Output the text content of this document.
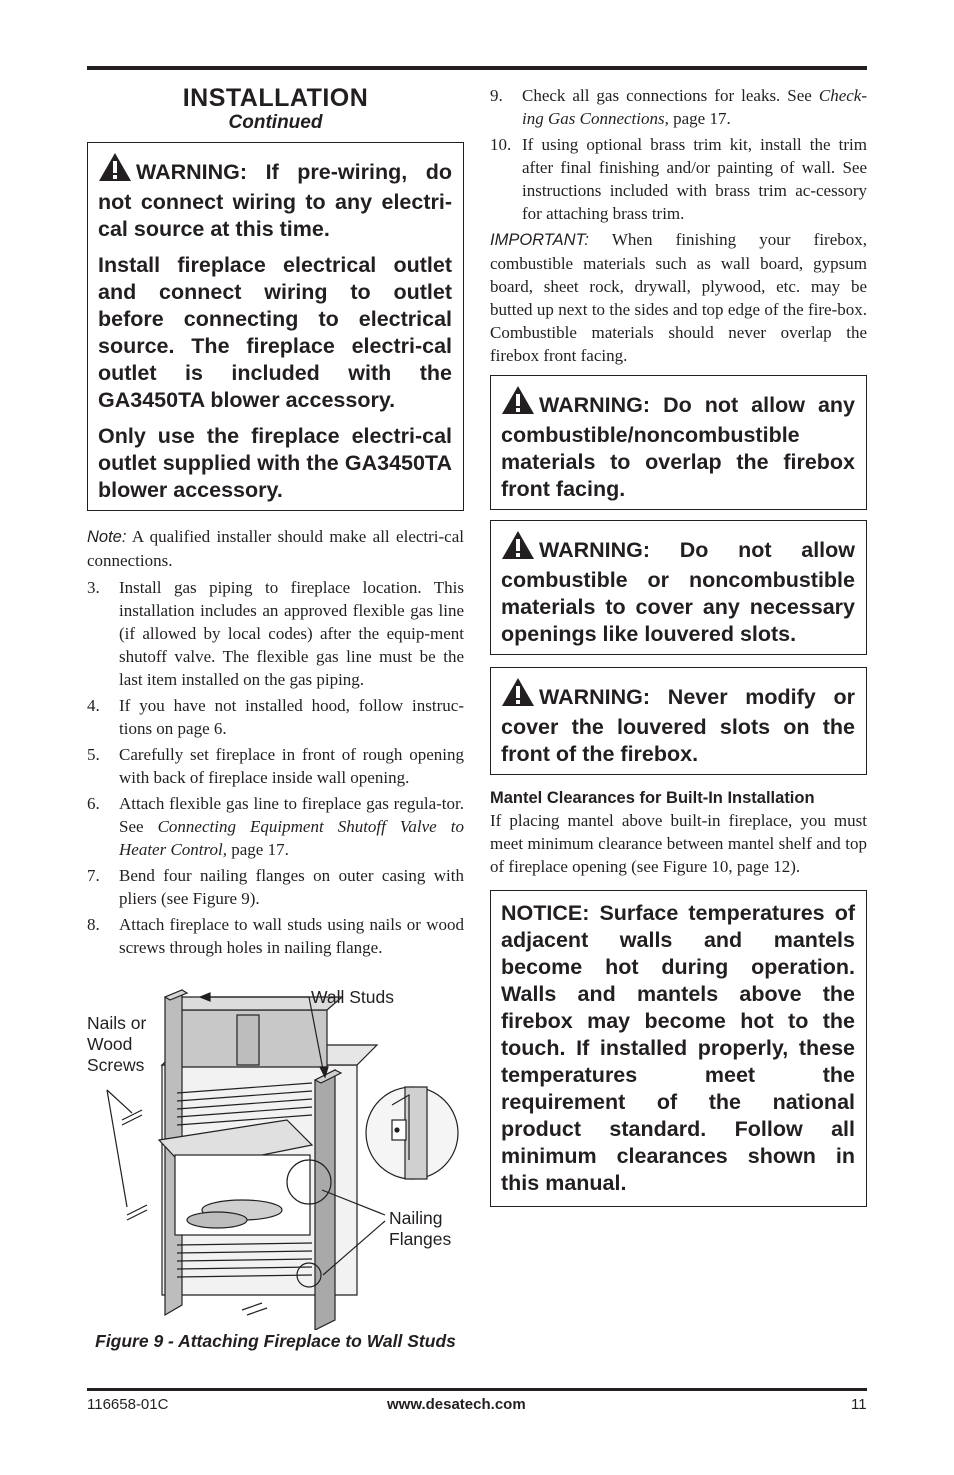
INSTALLATION
Continued

WARNING: If pre-wiring, do not connect wiring to any electri-cal source at this time.

Install fireplace electrical outlet and connect wiring to outlet before connecting to electrical source. The fireplace electri-cal outlet is included with the GA3450TA blower accessory.

Only use the fireplace electri-cal outlet supplied with the GA3450TA blower accessory.

Note: A qualified installer should make all electri-cal connections.
3. Install gas piping to fireplace location. This installation includes an approved flexible gas line (if allowed by local codes) after the equip-ment shutoff valve. The flexible gas line must be the last item installed on the gas piping.
4. If you have not installed hood, follow instruc-tions on page 6.
5. Carefully set fireplace in front of rough opening with back of fireplace inside wall opening.
6. Attach flexible gas line to fireplace gas regula-tor. See Connecting Equipment Shutoff Valve to Heater Control, page 17.
7. Bend four nailing flanges on outer casing with pliers (see Figure 9).
8. Attach fireplace to wall studs using nails or wood screws through holes in nailing flange.
Wall Studs
Nails or
Wood
Screws
Nailing
Flanges
Figure 9 - Attaching Fireplace to Wall Studs
9. Check all gas connections for leaks. See Check-ing Gas Connections, page 17.
10. If using optional brass trim kit, install the trim after final finishing and/or painting of wall. See instructions included with brass trim ac-cessory for attaching brass trim.
IMPORTANT: When finishing your firebox, combustible materials such as wall board, gypsum board, sheet rock, drywall, plywood, etc. may be butted up next to the sides and top edge of the fire-box. Combustible materials should never overlap the firebox front facing.

WARNING: Do not allow any combustible/noncombustible materials to overlap the firebox front facing.

WARNING: Do not allow combustible or noncombustible materials to cover any necessary openings like louvered slots.

WARNING: Never modify or cover the louvered slots on the front of the firebox.

Mantel Clearances for Built-In Installation
If placing mantel above built-in fireplace, you must meet minimum clearance between mantel shelf and top of fireplace opening (see Figure 10, page 12).

NOTICE: Surface temperatures of adjacent walls and mantels become hot during operation. Walls and mantels above the firebox may become hot to the touch. If installed properly, these temperatures meet the requirement of the national product standard. Follow all minimum clearances shown in this manual.

116658-01C	www.desatech.com	11
